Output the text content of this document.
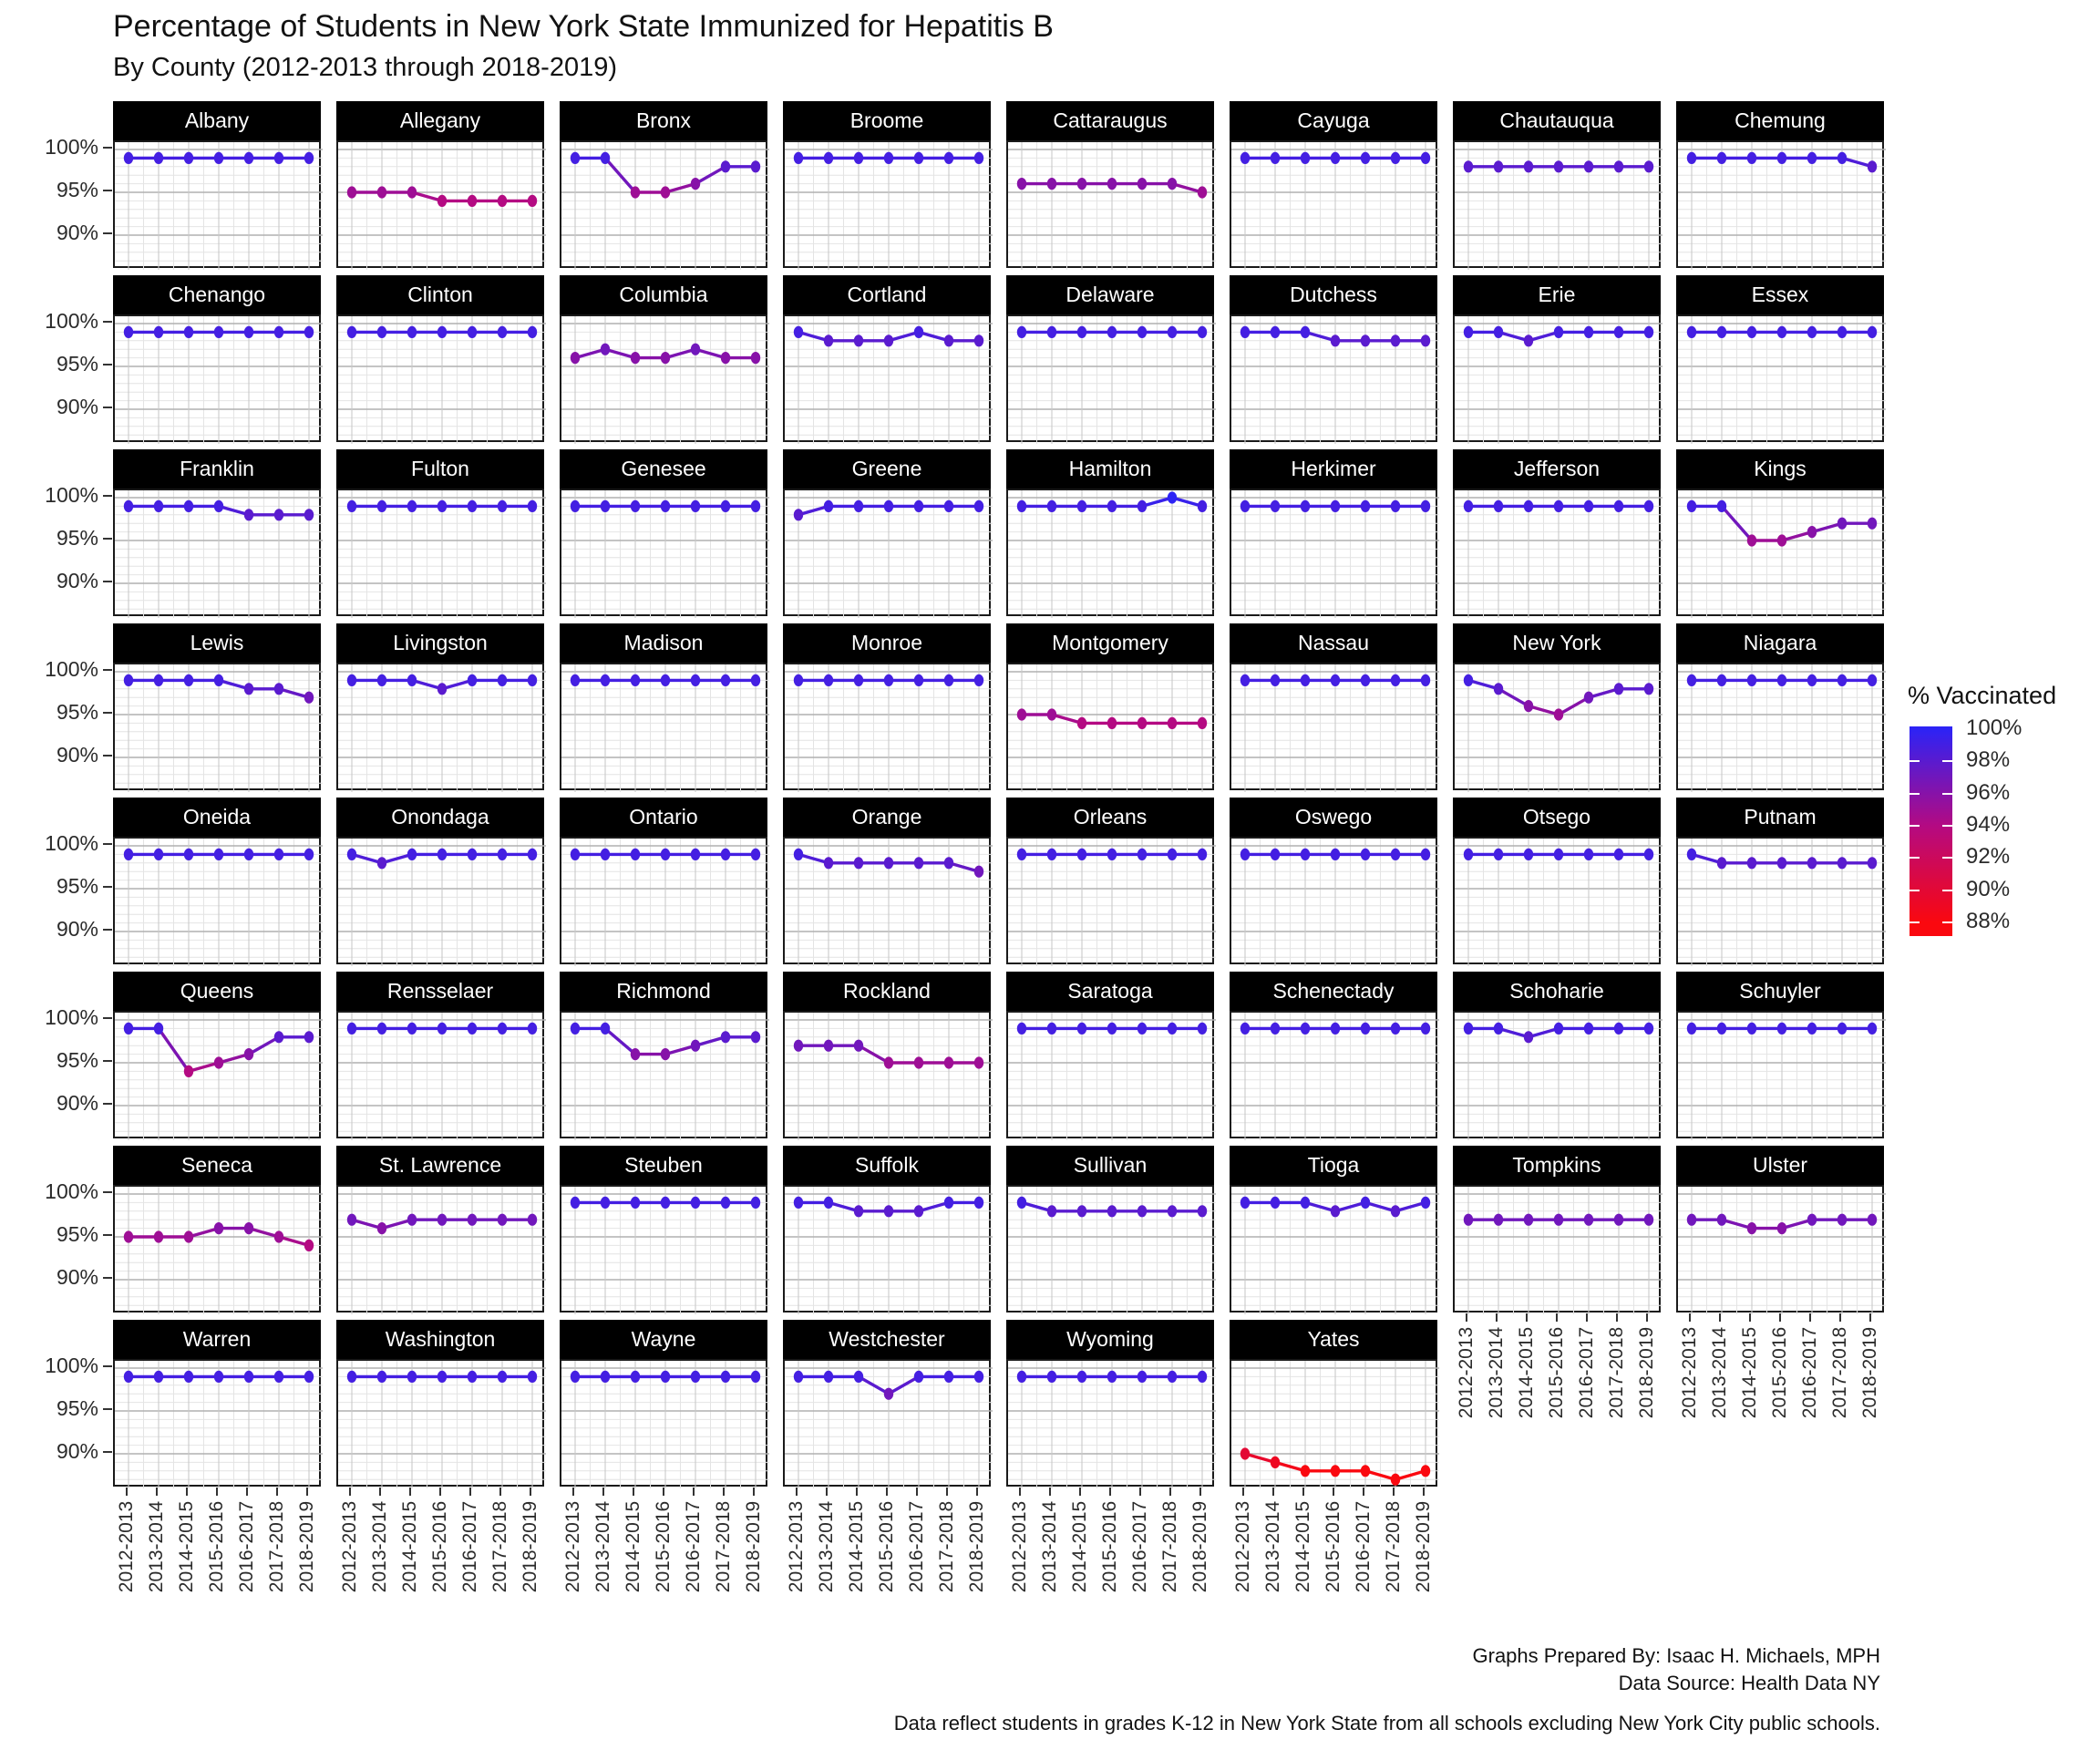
Percentage of Students in New York State Immunized for Hepatitis B
By County (2012-2013 through 2018-2019)
Albany	Allegany	Bronx	Broome	Cattaraugus	Cayuga	Chautauqua	Chemung
Chenango	Clinton	Columbia	Cortland	Delaware	Dutchess	Erie	Essex
Franklin	Fulton	Genesee	Greene	Hamilton	Herkimer	Jefferson	Kings
Lewis	Livingston	Madison	Monroe	Montgomery	Nassau	New York	Niagara
Oneida	Onondaga	Ontario	Orange	Orleans	Oswego	Otsego	Putnam
Queens	Rensselaer	Richmond	Rockland	Saratoga	Schenectady	Schoharie	Schuyler
Seneca	St. Lawrence	Steuben	Suffolk	Sullivan	Tioga	Tompkins	Ulster
Warren	Washington	Wayne	Westchester	Wyoming	Yates
100%
95%
90%
100%
95%
90%
100%
95%
90%
100%
95%
90%
100%
95%
90%
100%
95%
90%
100%
95%
90%
100%
95%
90%
2012-2013 2013-2014 2014-2015 2015-2016 2016-2017 2017-2018 2018-2019 2012-2013 2013-2014 2014-2015 2015-2016 2016-2017 2017-2018 2018-2019 2012-2013 2013-2014 2014-2015 2015-2016 2016-2017 2017-2018 2018-2019 2012-2013 2013-2014 2014-2015 2015-2016 2016-2017 2017-2018 2018-2019 2012-2013 2013-2014 2014-2015 2015-2016 2016-2017 2017-2018 2018-2019 2012-2013 2013-2014 2014-2015 2015-2016 2016-2017 2017-2018 2018-2019
2012-2013 2013-2014 2014-2015 2015-2016 2016-2017 2017-2018 2018-2019 2012-2013 2013-2014 2014-2015 2015-2016 2016-2017 2017-2018 2018-2019
% Vaccinated
100%
98%
96%
94%
92%
90%
88%
Graphs Prepared By: Isaac H. Michaels, MPH
Data Source: Health Data NY
Data reflect students in grades K-12 in New York State from all schools excluding New York City public schools.
